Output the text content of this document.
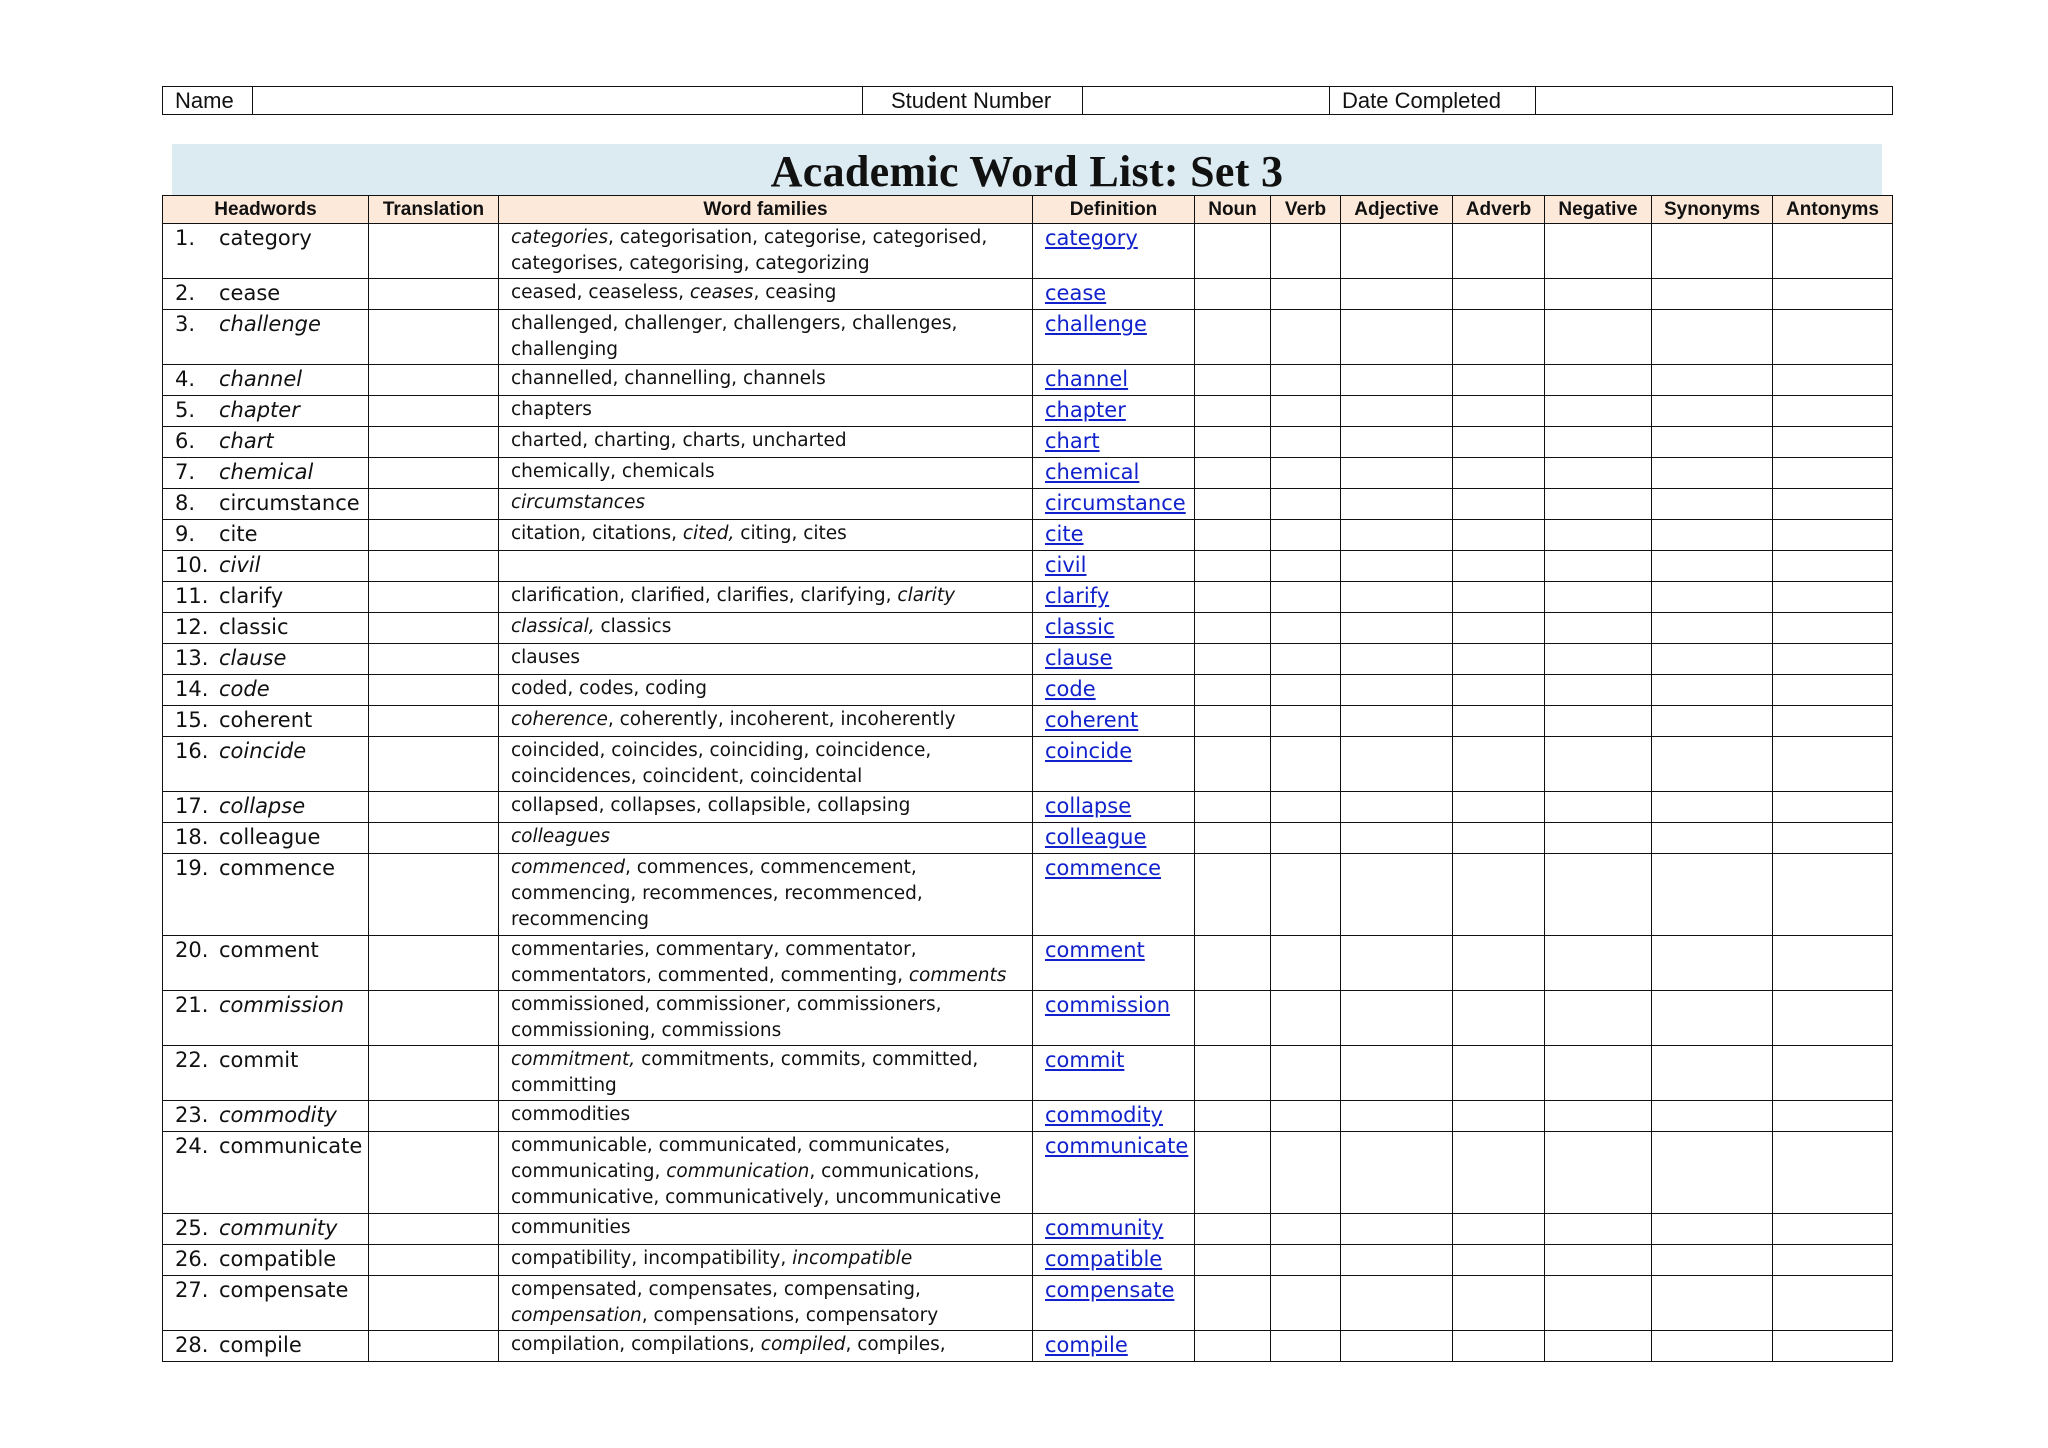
Name		Student Number		Date Completed	
Academic Word List: Set 3
Headwords	Translation	Word families	Definition	Noun	Verb	Adjective	Adverb	Negative	Synonyms	Antonyms
1. category		categories, categorisation, categorise, categorised, categorises, categorising, categorizing	category							
2. cease		ceased, ceaseless, ceases, ceasing	cease							
3. challenge		challenged, challenger, challengers, challenges, challenging	challenge							
4. channel		channelled, channelling, channels	channel							
5. chapter		chapters	chapter							
6. chart		charted, charting, charts, uncharted	chart							
7. chemical		chemically, chemicals	chemical							
8. circumstance		circumstances	circumstance							
9. cite		citation, citations, cited, citing, cites	cite							
10. civil			civil							
11. clarify		clarification, clarified, clarifies, clarifying, clarity	clarify							
12. classic		classical, classics	classic							
13. clause		clauses	clause							
14. code		coded, codes, coding	code							
15. coherent		coherence, coherently, incoherent, incoherently	coherent							
16. coincide		coincided, coincides, coinciding, coincidence, coincidences, coincident, coincidental	coincide							
17. collapse		collapsed, collapses, collapsible, collapsing	collapse							
18. colleague		colleagues	colleague							
19. commence		commenced, commences, commencement, commencing, recommences, recommenced, recommencing	commence							
20. comment		commentaries, commentary, commentator, commentators, commented, commenting, comments	comment							
21. commission		commissioned, commissioner, commissioners, commissioning, commissions	commission							
22. commit		commitment, commitments, commits, committed, committing	commit							
23. commodity		commodities	commodity							
24. communicate		communicable, communicated, communicates, communicating, communication, communications, communicative, communicatively, uncommunicative	communicate							
25. community		communities	community							
26. compatible		compatibility, incompatibility, incompatible	compatible							
27. compensate		compensated, compensates, compensating, compensation, compensations, compensatory	compensate							
28. compile		compilation, compilations, compiled, compiles,	compile							
